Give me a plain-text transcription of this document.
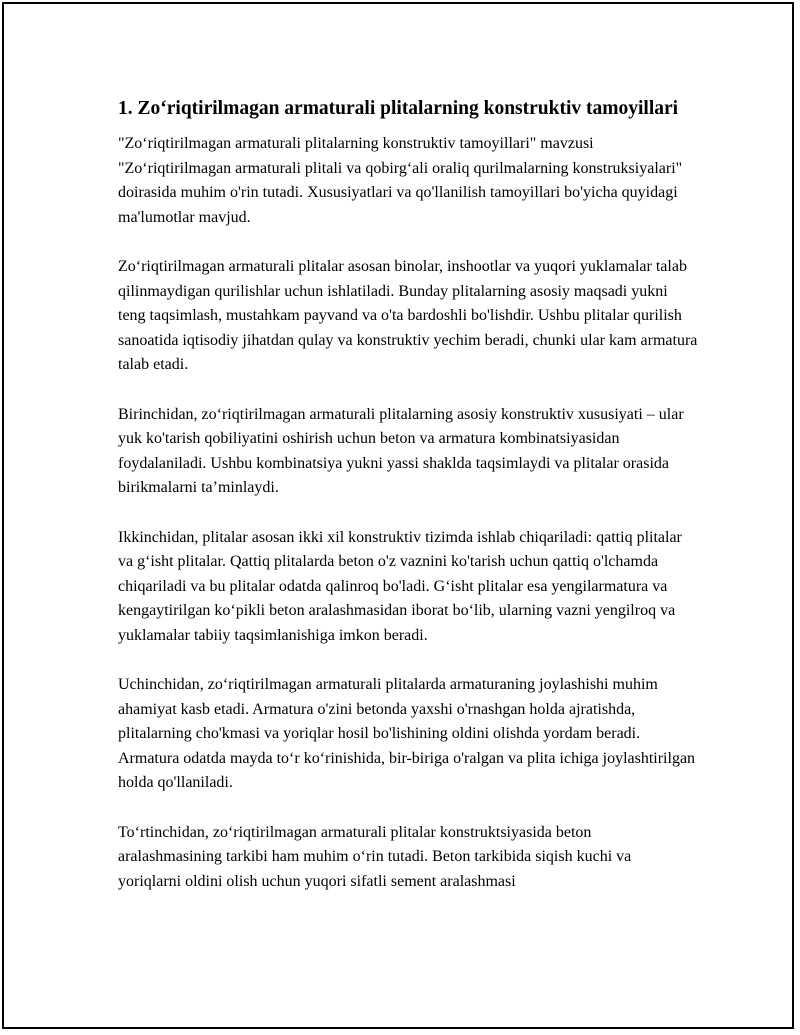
1. Zo‘riqtirilmagan armaturali plitalarning konstruktiv tamoyillari

"Zo‘riqtirilmagan armaturali plitalarning konstruktiv tamoyillari" mavzusi "Zo‘riqtirilmagan armaturali plitali va qobirg‘ali oraliq qurilmalarning konstruksiyalari" doirasida muhim o'rin tutadi. Xususiyatlari va qo'llanilish tamoyillari bo'yicha quyidagi ma'lumotlar mavjud.

Zo‘riqtirilmagan armaturali plitalar asosan binolar, inshootlar va yuqori yuklamalar talab qilinmaydigan qurilishlar uchun ishlatiladi. Bunday plitalarning asosiy maqsadi yukni teng taqsimlash, mustahkam payvand va o'ta bardoshli bo'lishdir. Ushbu plitalar qurilish sanoatida iqtisodiy jihatdan qulay va konstruktiv yechim beradi, chunki ular kam armatura talab etadi.

Birinchidan, zo‘riqtirilmagan armaturali plitalarning asosiy konstruktiv xususiyati – ular yuk ko'tarish qobiliyatini oshirish uchun beton va armatura kombinatsiyasidan foydalaniladi. Ushbu kombinatsiya yukni yassi shaklda taqsimlaydi va plitalar orasida birikmalarni ta’minlaydi.

Ikkinchidan, plitalar asosan ikki xil konstruktiv tizimda ishlab chiqariladi: qattiq plitalar va g‘isht plitalar. Qattiq plitalarda beton o'z vaznini ko'tarish uchun qattiq o'lchamda chiqariladi va bu plitalar odatda qalinroq bo'ladi. G‘isht plitalar esa yengilarmatura va kengaytirilgan ko‘pikli beton aralashmasidan iborat bo‘lib, ularning vazni yengilroq va yuklamalar tabiiy taqsimlanishiga imkon beradi.

Uchinchidan, zo‘riqtirilmagan armaturali plitalarda armaturaning joylashishi muhim ahamiyat kasb etadi. Armatura o'zini betonda yaxshi o'rnashgan holda ajratishda, plitalarning cho'kmasi va yoriqlar hosil bo'lishining oldini olishda yordam beradi. Armatura odatda mayda to‘r ko‘rinishida, bir-biriga o'ralgan va plita ichiga joylashtirilgan holda qo'llaniladi.

To‘rtinchidan, zo‘riqtirilmagan armaturali plitalar konstruktsiyasida beton aralashmasining tarkibi ham muhim o‘rin tutadi. Beton tarkibida siqish kuchi va yoriqlarni oldini olish uchun yuqori sifatli sement aralashmasi
